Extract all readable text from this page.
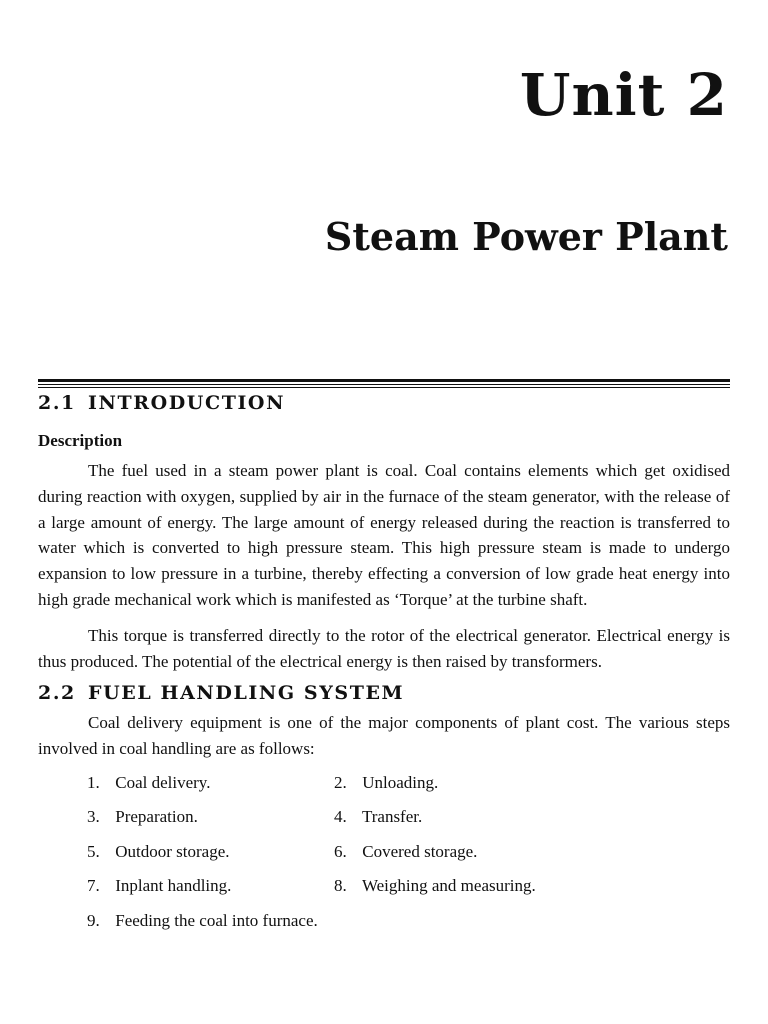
Unit 2
Steam Power Plant
2.1 INTRODUCTION
Description

The fuel used in a steam power plant is coal. Coal contains elements which get oxidised during reaction with oxygen, supplied by air in the furnace of the steam generator, with the release of a large amount of energy. The large amount of energy released during the reaction is transferred to water which is converted to high pressure steam. This high pressure steam is made to undergo expansion to low pressure in a turbine, thereby effecting a conversion of low grade heat energy into high grade mechanical work which is manifested as ‘Torque’ at the turbine shaft.

This torque is transferred directly to the rotor of the electrical generator. Electrical energy is thus produced. The potential of the electrical energy is then raised by transformers.

2.2 FUEL HANDLING SYSTEM

Coal delivery equipment is one of the major components of plant cost. The various steps involved in coal handling are as follows:

1. Coal delivery.	2. Unloading.
3. Preparation.	4. Transfer.
5. Outdoor storage.	6. Covered storage.
7. Inplant handling.	8. Weighing and measuring.
9. Feeding the coal into furnace.
